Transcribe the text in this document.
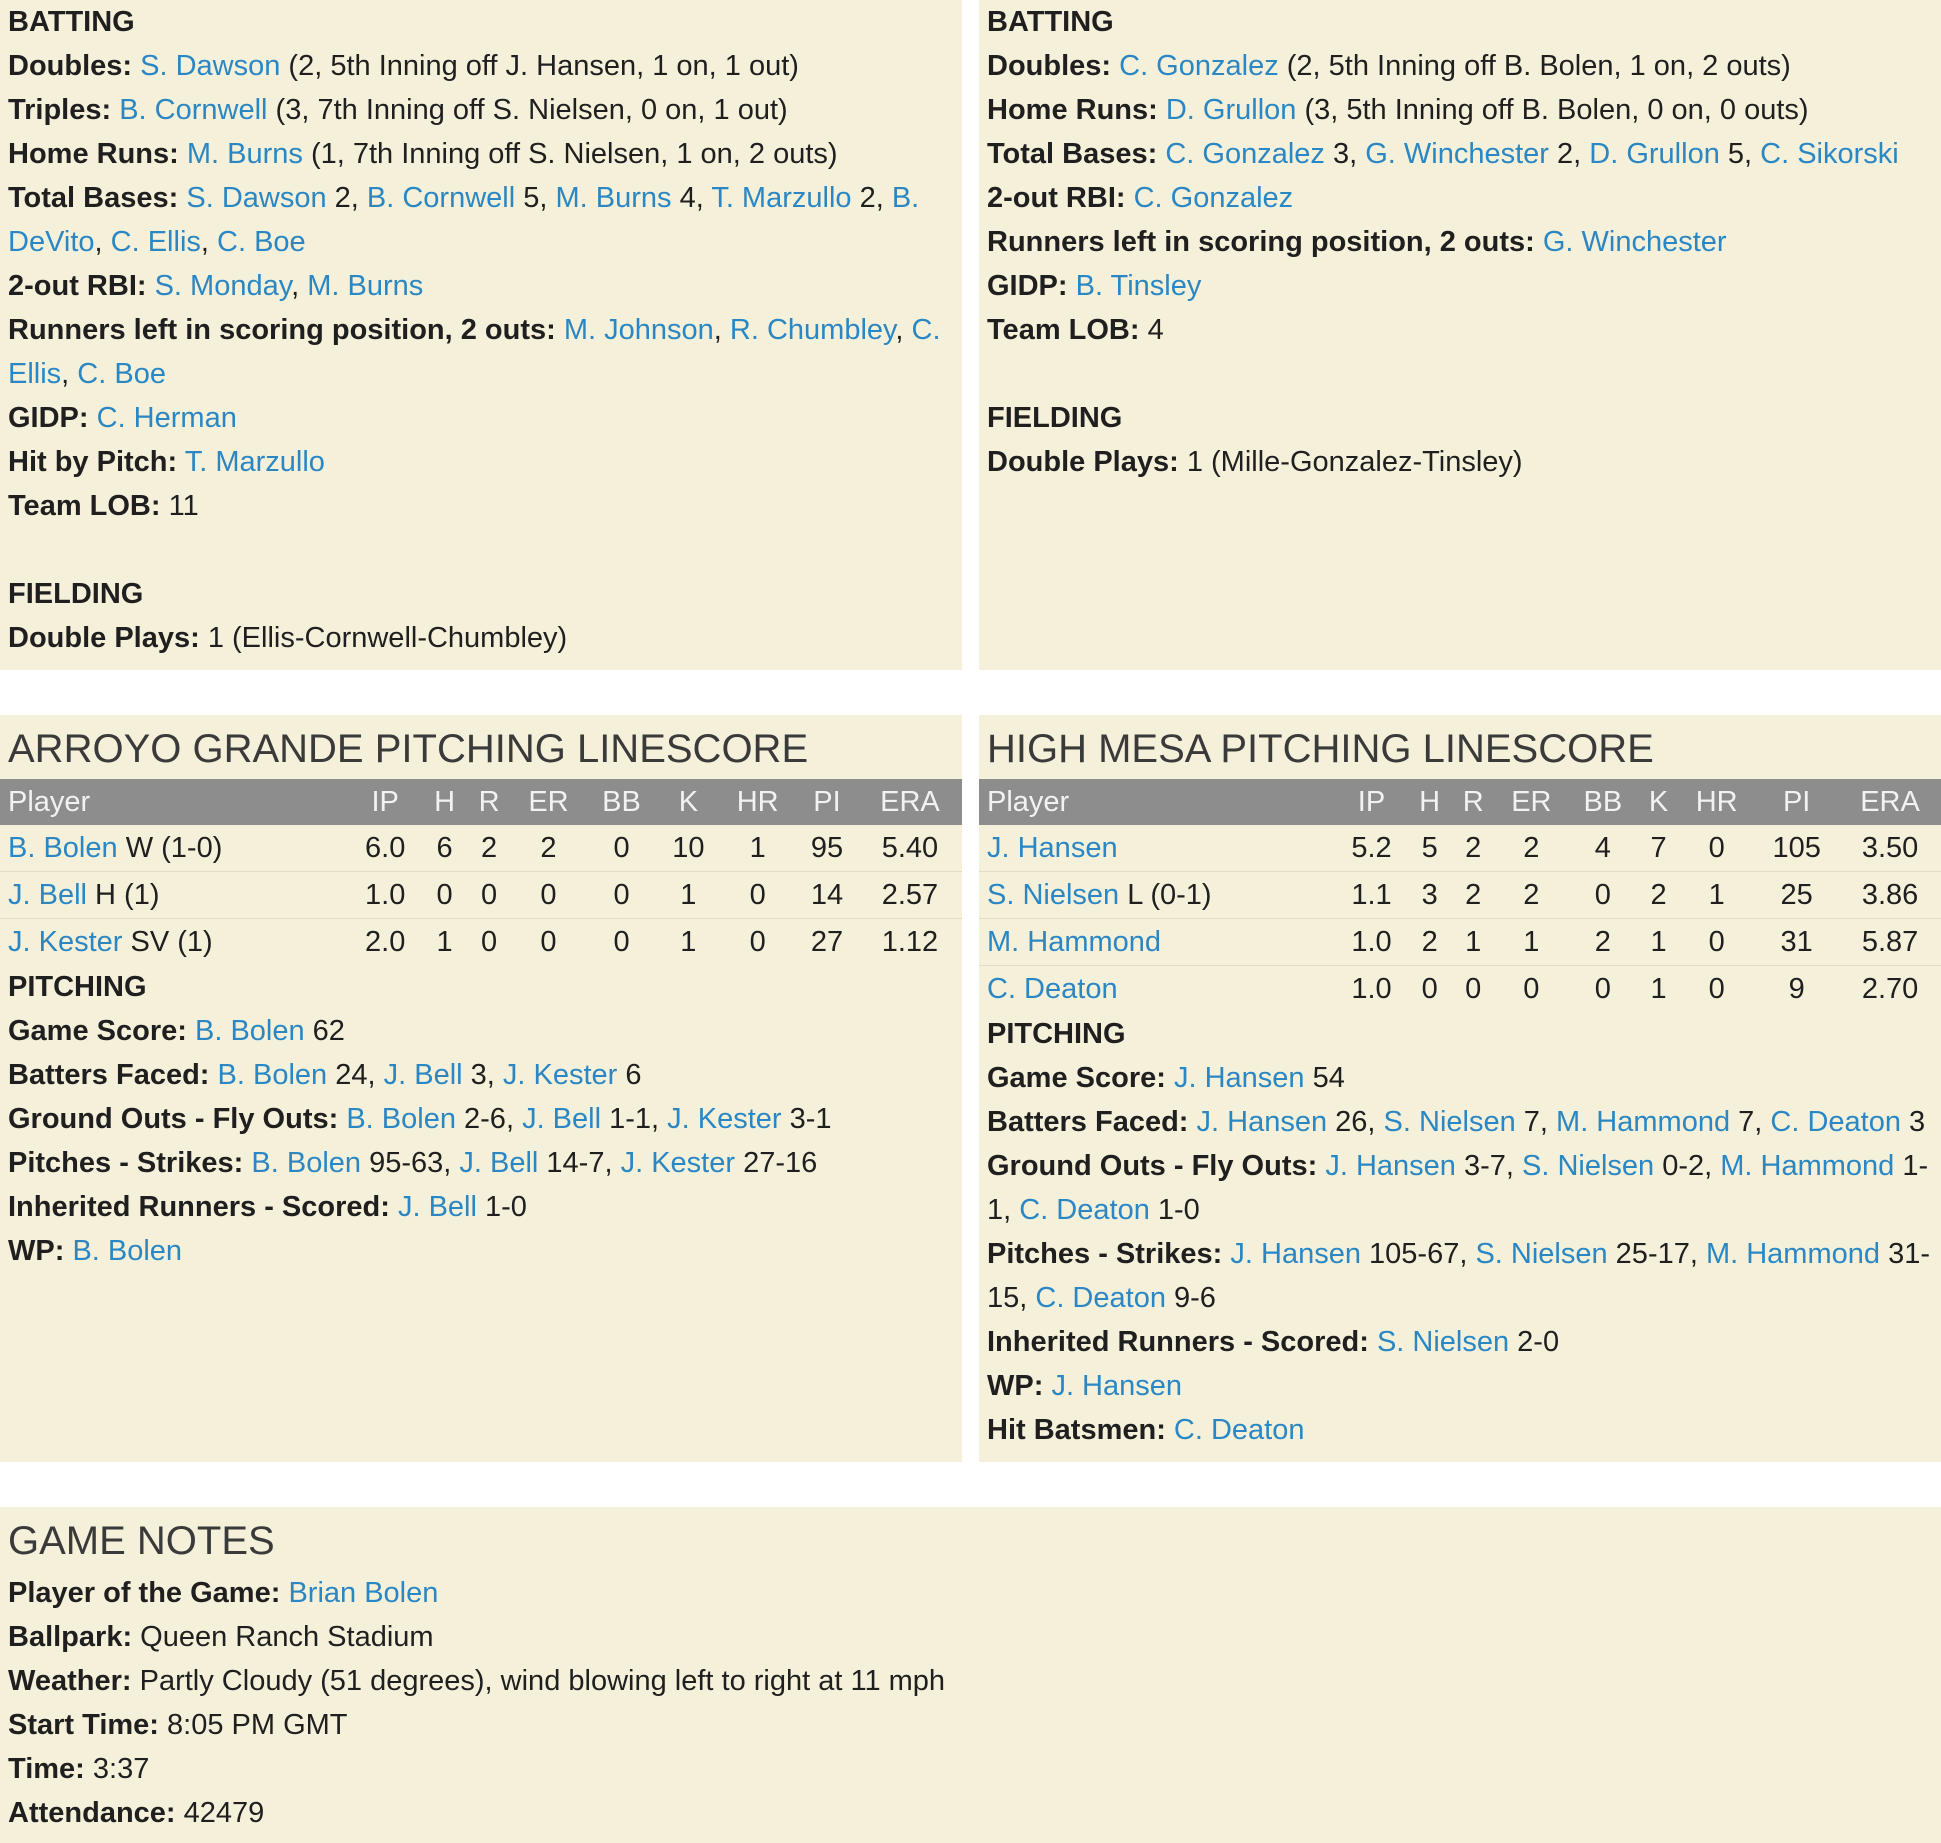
BATTING
Doubles: S. Dawson (2, 5th Inning off J. Hansen, 1 on, 1 out)
Triples: B. Cornwell (3, 7th Inning off S. Nielsen, 0 on, 1 out)
Home Runs: M. Burns (1, 7th Inning off S. Nielsen, 1 on, 2 outs)
Total Bases: S. Dawson 2, B. Cornwell 5, M. Burns 4, T. Marzullo 2, B. DeVito, C. Ellis, C. Boe
2-out RBI: S. Monday, M. Burns
Runners left in scoring position, 2 outs: M. Johnson, R. Chumbley, C. Ellis, C. Boe
GIDP: C. Herman
Hit by Pitch: T. Marzullo
Team LOB: 11
FIELDING
Double Plays: 1 (Ellis-Cornwell-Chumbley)
BATTING
Doubles: C. Gonzalez (2, 5th Inning off B. Bolen, 1 on, 2 outs)
Home Runs: D. Grullon (3, 5th Inning off B. Bolen, 0 on, 0 outs)
Total Bases: C. Gonzalez 3, G. Winchester 2, D. Grullon 5, C. Sikorski
2-out RBI: C. Gonzalez
Runners left in scoring position, 2 outs: G. Winchester
GIDP: B. Tinsley
Team LOB: 4
FIELDING
Double Plays: 1 (Mille-Gonzalez-Tinsley)
ARROYO GRANDE PITCHING LINESCORE
Player	IP	H	R	ER	BB	K	HR	PI	ERA
B. Bolen W (1-0)	6.0	6	2	2	0	10	1	95	5.40
J. Bell H (1)	1.0	0	0	0	0	1	0	14	2.57
J. Kester SV (1)	2.0	1	0	0	0	1	0	27	1.12
PITCHING
Game Score: B. Bolen 62
Batters Faced: B. Bolen 24, J. Bell 3, J. Kester 6
Ground Outs - Fly Outs: B. Bolen 2-6, J. Bell 1-1, J. Kester 3-1
Pitches - Strikes: B. Bolen 95-63, J. Bell 14-7, J. Kester 27-16
Inherited Runners - Scored: J. Bell 1-0
WP: B. Bolen
HIGH MESA PITCHING LINESCORE
Player	IP	H	R	ER	BB	K	HR	PI	ERA
J. Hansen	5.2	5	2	2	4	7	0	105	3.50
S. Nielsen L (0-1)	1.1	3	2	2	0	2	1	25	3.86
M. Hammond	1.0	2	1	1	2	1	0	31	5.87
C. Deaton	1.0	0	0	0	0	1	0	9	2.70
PITCHING
Game Score: J. Hansen 54
Batters Faced: J. Hansen 26, S. Nielsen 7, M. Hammond 7, C. Deaton 3
Ground Outs - Fly Outs: J. Hansen 3-7, S. Nielsen 0-2, M. Hammond 1-1, C. Deaton 1-0
Pitches - Strikes: J. Hansen 105-67, S. Nielsen 25-17, M. Hammond 31-15, C. Deaton 9-6
Inherited Runners - Scored: S. Nielsen 2-0
WP: J. Hansen
Hit Batsmen: C. Deaton
GAME NOTES
Player of the Game: Brian Bolen
Ballpark: Queen Ranch Stadium
Weather: Partly Cloudy (51 degrees), wind blowing left to right at 11 mph
Start Time: 8:05 PM GMT
Time: 3:37
Attendance: 42479
